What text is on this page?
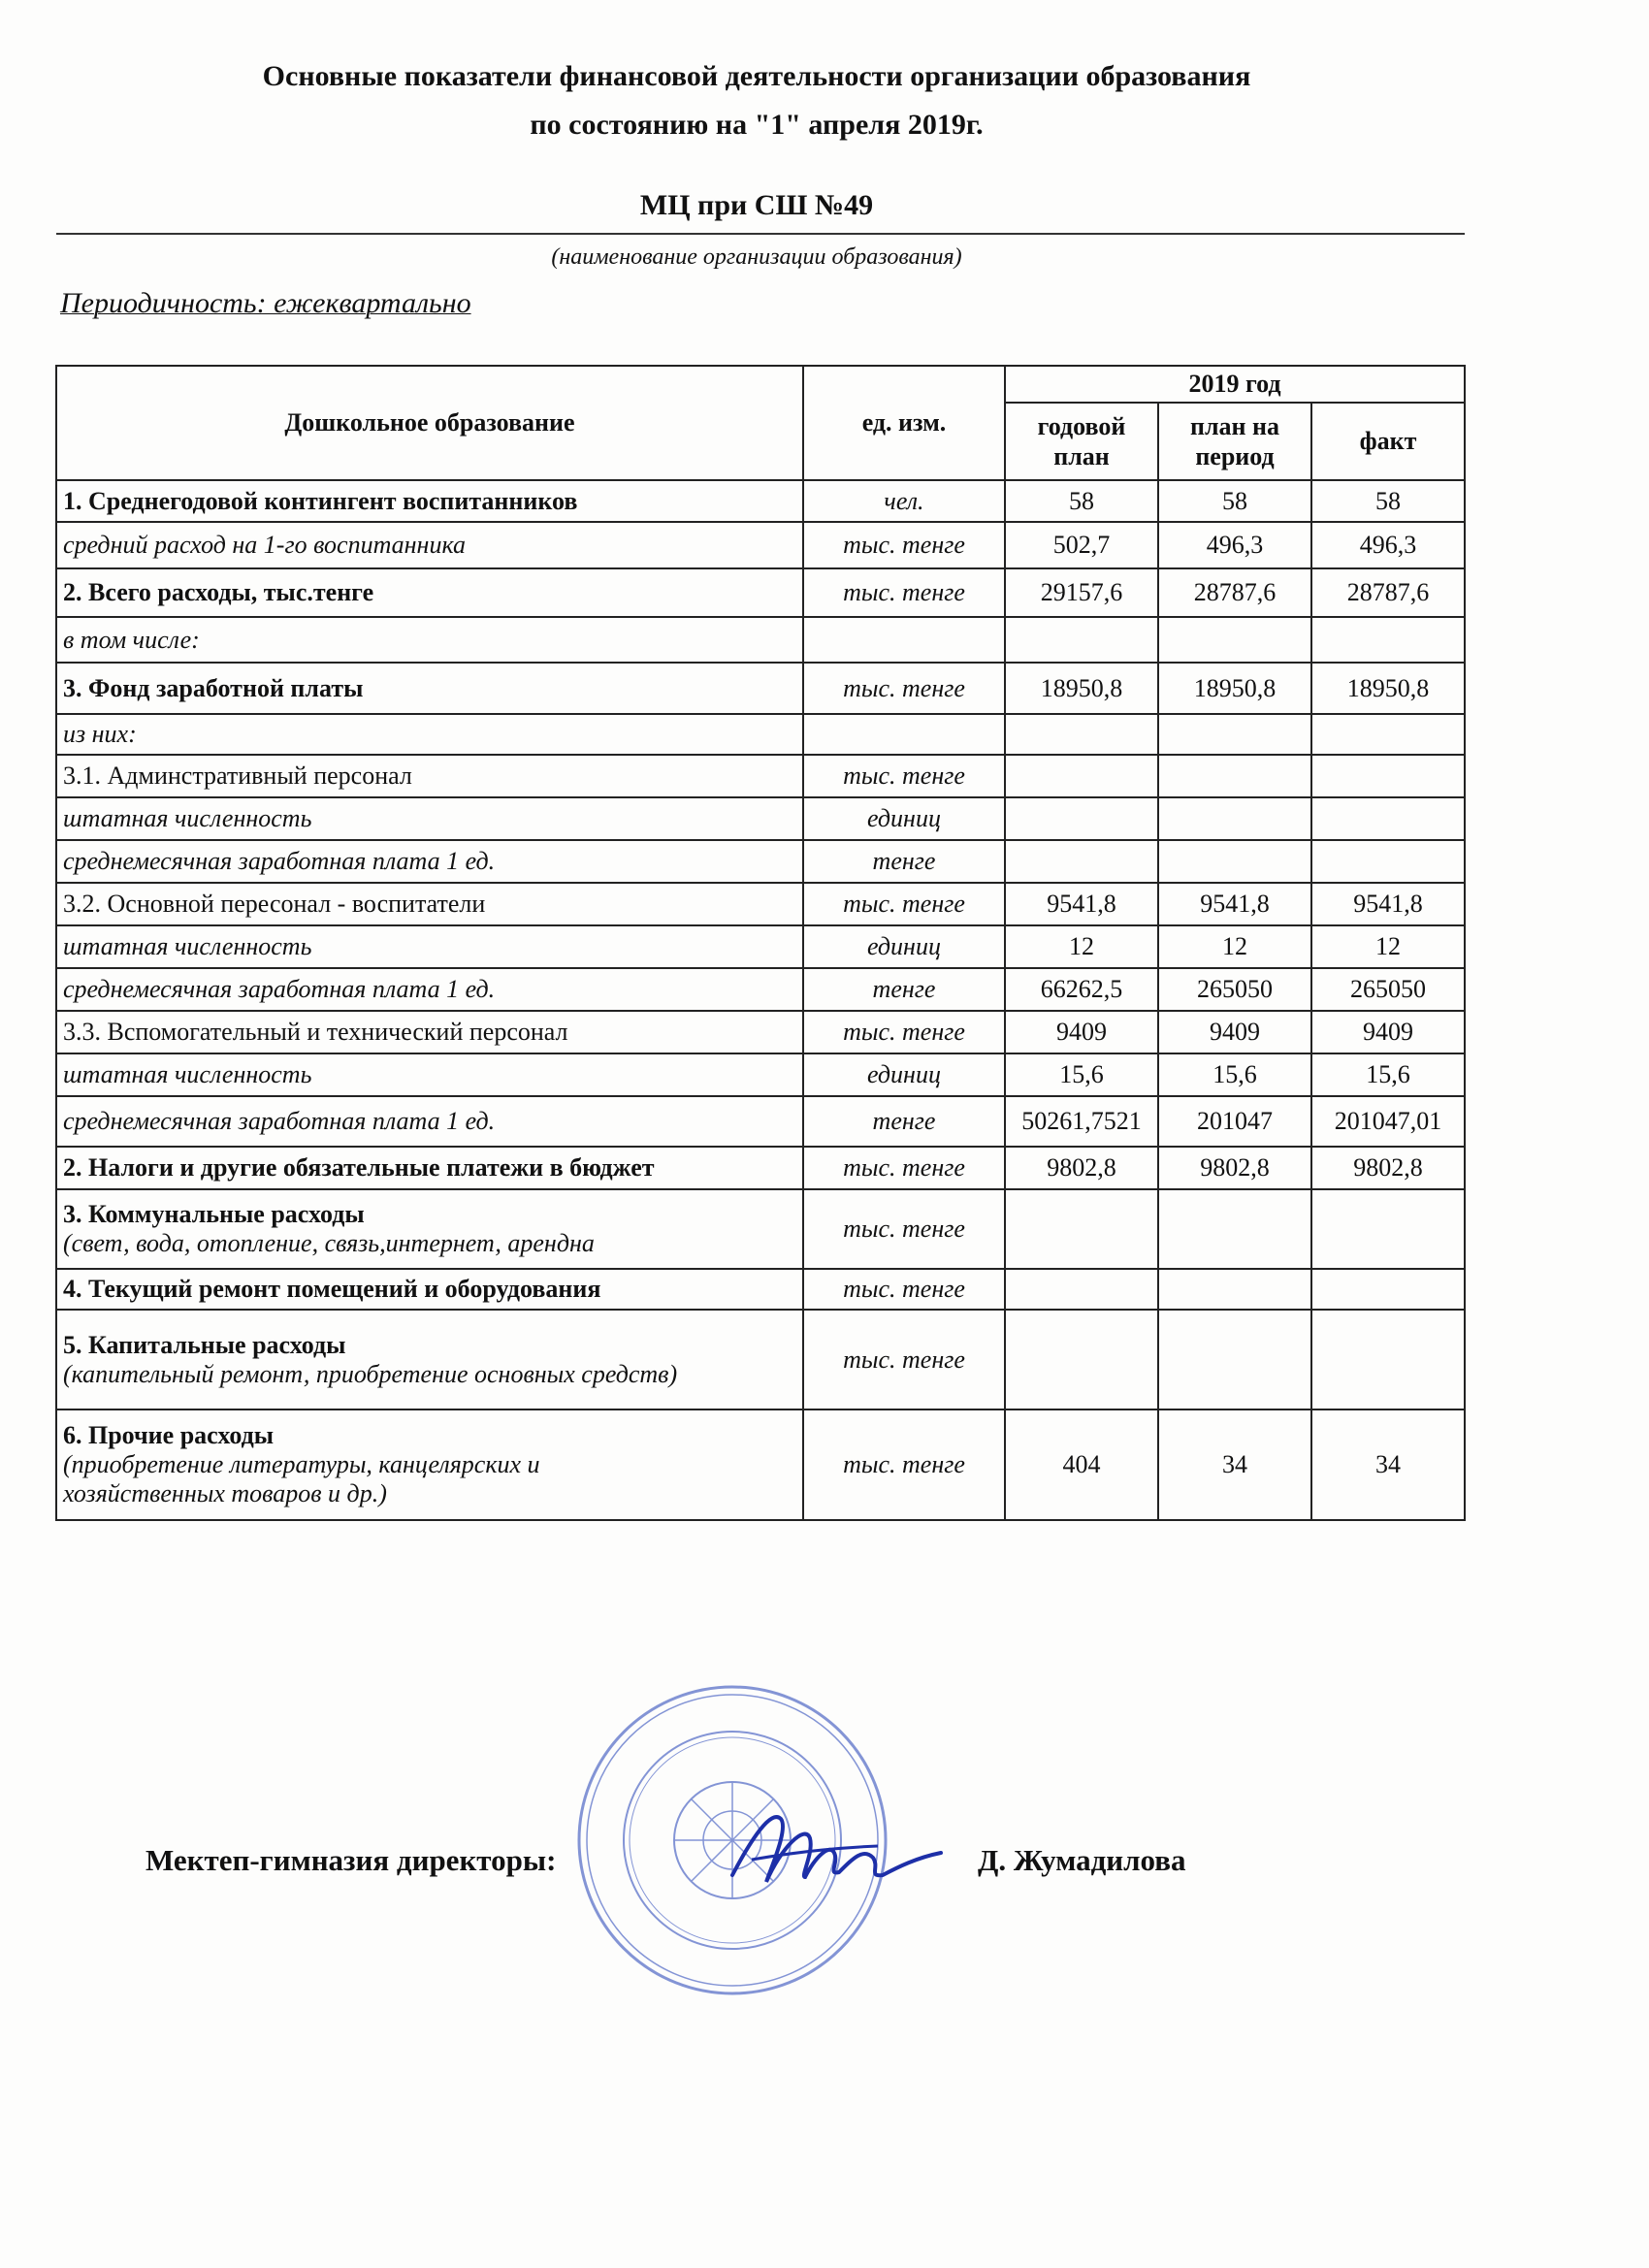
Основные показатели финансовой деятельности организации образования
по состоянию на "1" апреля 2019г.
МЦ при СШ №49
(наименование организации образования)
Периодичность: ежеквартально
Дошкольное образование	ед. изм.	2019 год		
		годовой план	план на период	факт
1. Среднегодовой контингент воспитанников	чел.	58	58	58
средний расход на 1-го воспитанника	тыс. тенге	502,7	496,3	496,3
2. Всего расходы, тыс.тенге	тыс. тенге	29157,6	28787,6	28787,6
в том числе:				
3. Фонд заработной платы	тыс. тенге	18950,8	18950,8	18950,8
из них:				
3.1. Админстративный персонал	тыс. тенге			
штатная численность	единиц			
среднемесячная заработная плата 1 ед.	тенге			
3.2. Основной пересонал - воспитатели	тыс. тенге	9541,8	9541,8	9541,8
штатная численность	единиц	12	12	12
среднемесячная заработная плата 1 ед.	тенге	66262,5	265050	265050
3.3. Вспомогательный и технический персонал	тыс. тенге	9409	9409	9409
штатная численность	единиц	15,6	15,6	15,6
среднемесячная заработная плата 1 ед.	тенге	50261,7521	201047	201047,01
2. Налоги и другие обязательные платежи в бюджет	тыс. тенге	9802,8	9802,8	9802,8
3. Коммунальные расходы
(свет, вода, отопление, связь,интернет, арендна	тыс. тенге			
4. Текущий ремонт помещений и оборудования	тыс. тенге			
5. Капитальные расходы
(капительный ремонт, приобретение основных средств)	тыс. тенге			
6. Прочие расходы
(приобретение литературы, канцелярских и
хозяйственных товаров и др.)	тыс. тенге	404	34	34
Мектеп-гимназия директоры:	Д. Жумадилова
